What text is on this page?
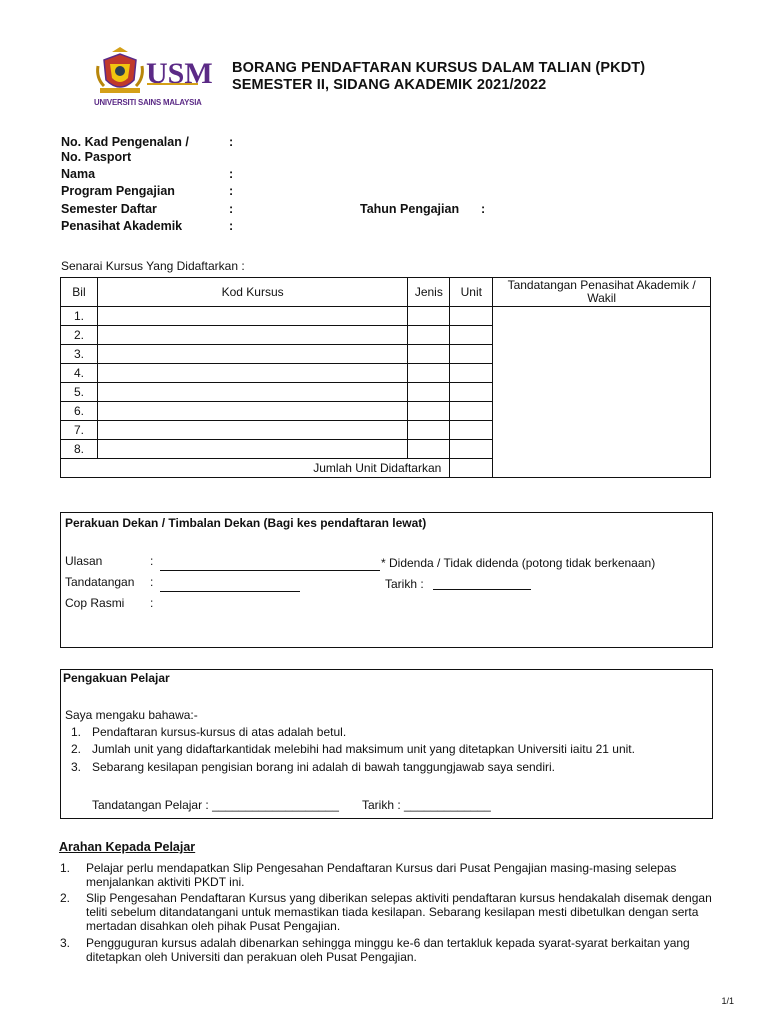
USM
UNIVERSITI SAINS MALAYSIA
BORANG PENDAFTARAN KURSUS DALAM TALIAN (PKDT)
SEMESTER II, SIDANG AKADEMIK 2021/2022
No. Kad Pengenalan /
No. Pasport
:
Nama	:
Program Pengajian	:
Semester Daftar	:	Tahun Pengajian :
Penasihat Akademik	:
Senarai Kursus Yang Didaftarkan :
Bil	Kod Kursus	Jenis	Unit	Tandatangan Penasihat Akademik / Wakil
1.				
2.				
3.				
4.				
5.				
6.				
7.				
8.				
Jumlah Unit Didaftarkan				
Perakuan Dekan / Timbalan Dekan (Bagi kes pendaftaran lewat)
Ulasan	:	* Didenda / Tidak didenda (potong tidak berkenaan)
Tandatangan :	Tarikh :
Cop Rasmi :
Pengakuan Pelajar
Saya mengaku bahawa:-
1. Pendaftaran kursus-kursus di atas adalah betul.
2. Jumlah unit yang didaftarkantidak melebihi had maksimum unit yang ditetapkan Universiti iaitu 21 unit.
3. Sebarang kesilapan pengisian borang ini adalah di bawah tanggungjawab saya sendiri.
Tandatangan Pelajar : ___________________ Tarikh : _____________
Arahan Kepada Pelajar
1. Pelajar perlu mendapatkan Slip Pengesahan Pendaftaran Kursus dari Pusat Pengajian masing-masing selepas menjalankan aktiviti PKDT ini.
2. Slip Pengesahan Pendaftaran Kursus yang diberikan selepas aktiviti pendaftaran kursus hendakalah disemak dengan teliti sebelum ditandatangani untuk memastikan tiada kesilapan. Sebarang kesilapan mesti dibetulkan dengan serta mertadan disahkan oleh pihak Pusat Pengajian.
3. Pengguguran kursus adalah dibenarkan sehingga minggu ke-6 dan tertakluk kepada syarat-syarat berkaitan yang ditetapkan oleh Universiti dan perakuan oleh Pusat Pengajian.
1/1
